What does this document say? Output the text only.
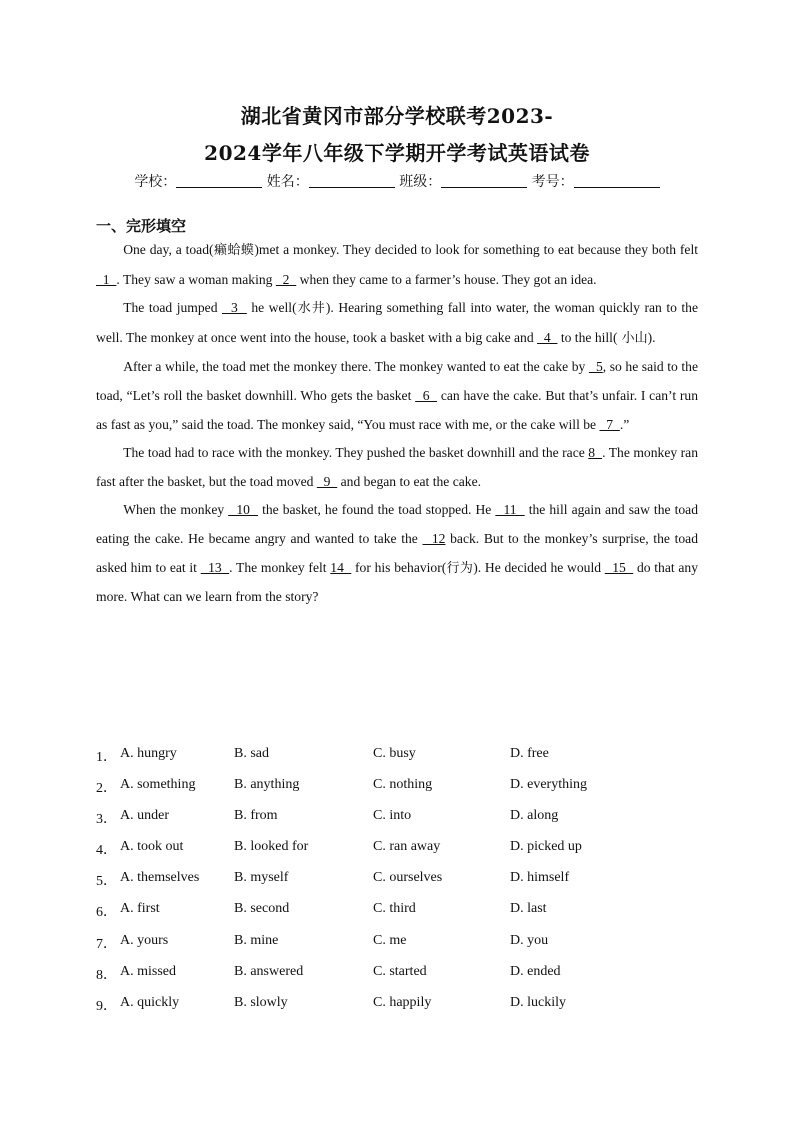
湖北省黄冈市部分学校联考2023-
2024学年八年级下学期开学考试英语试卷
学校：	姓名：	班级：	考号：
一、完形填空

One day, a toad(癞蛤蟆)met a monkey. They decided to look for something to eat because they both felt   1  . They saw a woman making   2   when they came to a farmer’s house. They got an idea.

The toad jumped   3   he well(水井). Hearing something fall into water, the woman quickly ran to the well. The monkey at once went into the house, took a basket with a big cake and   4   to the hill( 小山).

After a while, the toad met the monkey there. The monkey wanted to eat the cake by   5, so he said to the toad, “Let’s roll the basket downhill. Who gets the basket   6   can have the cake. But that’s unfair. I can’t run as fast as you,” said the toad. The monkey said, “You must race with me, or the cake will be   7  .”

The toad had to race with the monkey. They pushed the basket downhill and the race 8  . The monkey ran fast after the basket, but the toad moved   9   and began to eat the cake.

When the monkey   10   the basket, he found the toad stopped. He   11   the hill again and saw the toad eating the cake. He became angry and wanted to take the   12 back. But to the monkey’s surprise, the toad asked him to eat it   13  . The monkey felt 14   for his behavior(行为). He decided he would   15   do that any more. What can we learn from the story?

1． A. hungry	B. sad	C. busy	D. free
2． A. something	B. anything	C. nothing	D. everything
3． A. under	B. from	C. into	D. along
4． A. took out	B. looked for	C. ran away	D. picked up
5． A. themselves B. myself	C. ourselves	D. himself
6． A. first	B. second	C. third	D. last
7． A. yours	B. mine	C. me	D. you
8． A. missed	B. answered	C. started	D. ended
9． A. quickly	B. slowly	C. happily	D. luckily
